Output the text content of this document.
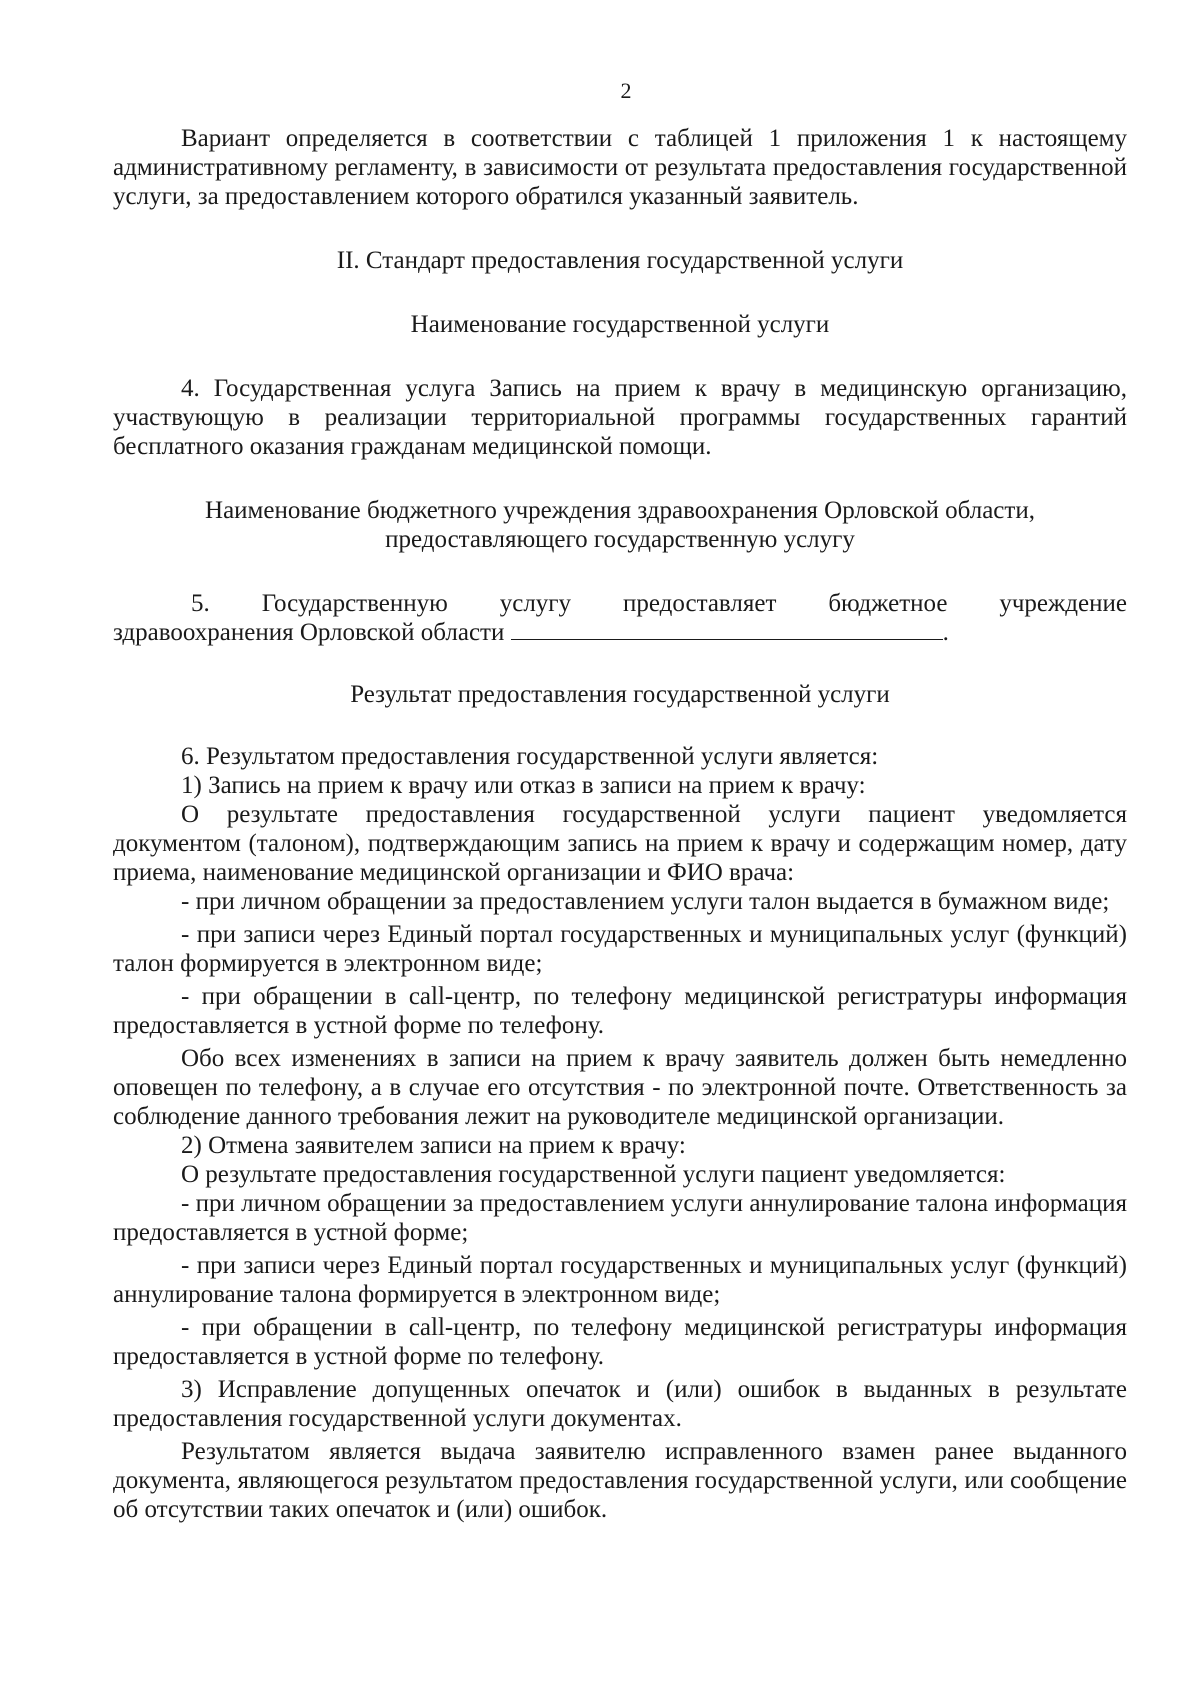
2

Вариант определяется в соответствии с таблицей 1 приложения 1 к настоящему административному регламенту, в зависимости от результата предоставления государственной услуги, за предоставлением которого обратился указанный заявитель.

II. Стандарт предоставления государственной услуги

Наименование государственной услуги

4. Государственная услуга Запись на прием к врачу в медицинскую организацию, участвующую в реализации территориальной программы государственных гарантий бесплатного оказания гражданам медицинской помощи.

Наименование бюджетного учреждения здравоохранения Орловской области,

предоставляющего государственную услугу

5. Государственную услугу предоставляет бюджетное учреждение

здравоохранения Орловской области	.

Результат предоставления государственной услуги

6. Результатом предоставления государственной услуги является:

1) Запись на прием к врачу или отказ в записи на прием к врачу:

О результате предоставления государственной услуги пациент уведомляется документом (талоном), подтверждающим запись на прием к врачу и содержащим номер, дату приема, наименование медицинской организации и ФИО врача:

- при личном обращении за предоставлением услуги талон выдается в бумажном виде;

- при записи через Единый портал государственных и муниципальных услуг (функций) талон формируется в электронном виде;

- при обращении в call-центр, по телефону медицинской регистратуры информация предоставляется в устной форме по телефону.

Обо всех изменениях в записи на прием к врачу заявитель должен быть немедленно оповещен по телефону, а в случае его отсутствия - по электронной почте. Ответственность за соблюдение данного требования лежит на руководителе медицинской организации.

2) Отмена заявителем записи на прием к врачу:

О результате предоставления государственной услуги пациент уведомляется:

- при личном обращении за предоставлением услуги аннулирование талона информация предоставляется в устной форме;

- при записи через Единый портал государственных и муниципальных услуг (функций) аннулирование талона формируется в электронном виде;

- при обращении в call-центр, по телефону медицинской регистратуры информация предоставляется в устной форме по телефону.

3) Исправление допущенных опечаток и (или) ошибок в выданных в результате предоставления государственной услуги документах.

Результатом является выдача заявителю исправленного взамен ранее выданного документа, являющегося результатом предоставления государственной услуги, или сообщение об отсутствии таких опечаток и (или) ошибок.
